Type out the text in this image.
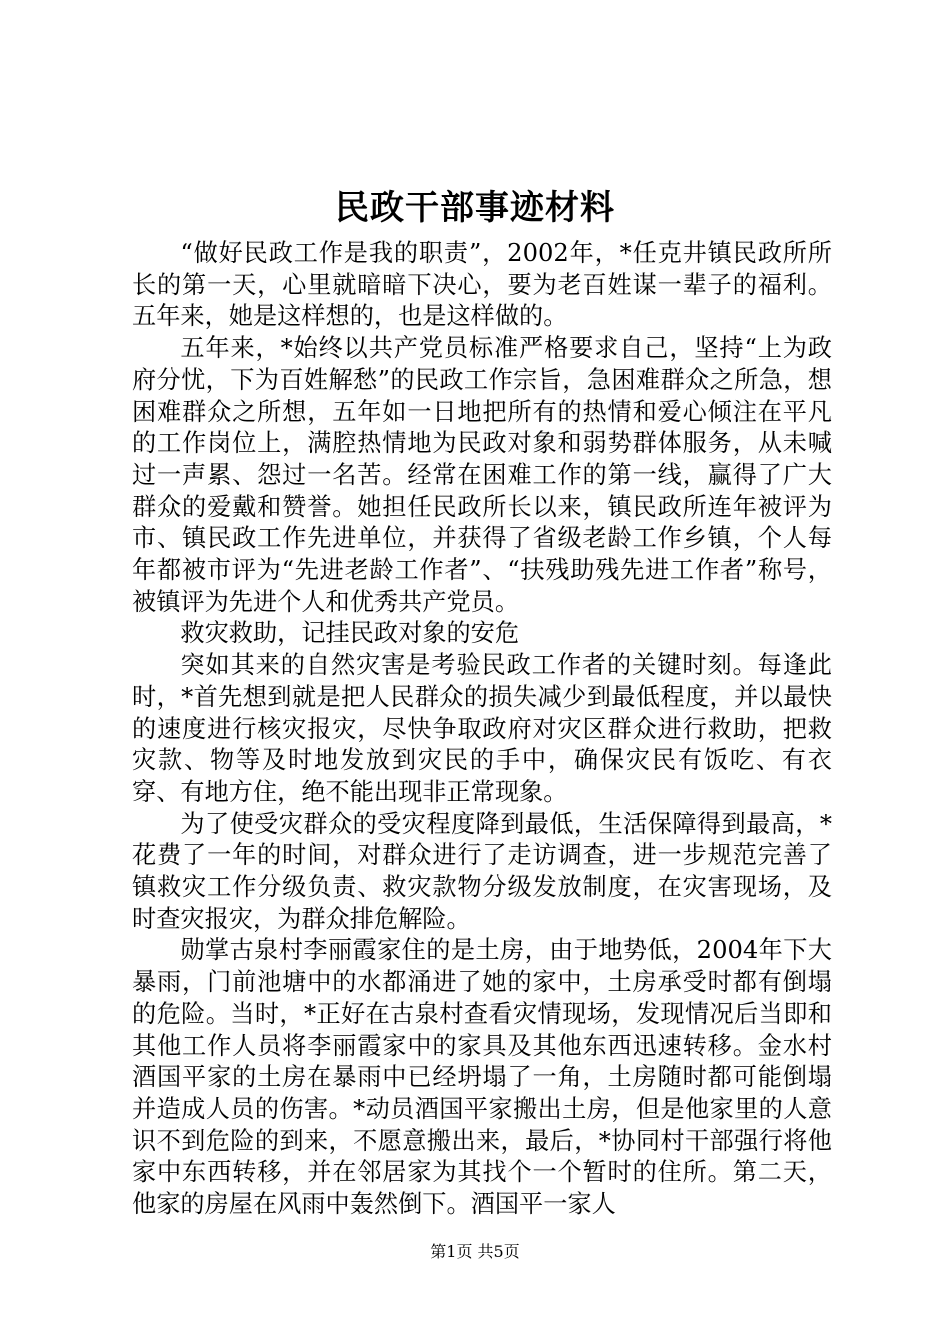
民政干部事迹材料

“做好民政工作是我的职责”，2002年，*任克井镇民政所所长的第一天，心里就暗暗下决心，要为老百姓谋一辈子的福利。五年来，她是这样想的，也是这样做的。

五年来，*始终以共产党员标准严格要求自己，坚持“上为政府分忧，下为百姓解愁”的民政工作宗旨，急困难群众之所急，想困难群众之所想，五年如一日地把所有的热情和爱心倾注在平凡的工作岗位上，满腔热情地为民政对象和弱势群体服务，从未喊过一声累、怨过一名苦。经常在困难工作的第一线，赢得了广大群众的爱戴和赞誉。她担任民政所长以来，镇民政所连年被评为市、镇民政工作先进单位，并获得了省级老龄工作乡镇，个人每年都被市评为“先进老龄工作者”、“扶残助残先进工作者”称号，被镇评为先进个人和优秀共产党员。

救灾救助，记挂民政对象的安危

突如其来的自然灾害是考验民政工作者的关键时刻。每逢此时，*首先想到就是把人民群众的损失减少到最低程度，并以最快的速度进行核灾报灾，尽快争取政府对灾区群众进行救助，把救灾款、物等及时地发放到灾民的手中，确保灾民有饭吃、有衣穿、有地方住，绝不能出现非正常现象。

为了使受灾群众的受灾程度降到最低，生活保障得到最高，*花费了一年的时间，对群众进行了走访调查，进一步规范完善了镇救灾工作分级负责、救灾款物分级发放制度，在灾害现场，及时查灾报灾，为群众排危解险。

勋掌古泉村李丽霞家住的是土房，由于地势低，2004年下大暴雨，门前池塘中的水都涌进了她的家中，土房承受时都有倒塌的危险。当时，*正好在古泉村查看灾情现场，发现情况后当即和其他工作人员将李丽霞家中的家具及其他东西迅速转移。金水村酒国平家的土房在暴雨中已经坍塌了一角，土房随时都可能倒塌并造成人员的伤害。*动员酒国平家搬出土房，但是他家里的人意识不到危险的到来，不愿意搬出来，最后，*协同村干部强行将他家中东西转移，并在邻居家为其找个一个暂时的住所。第二天，他家的房屋在风雨中轰然倒下。酒国平一家人

第1页 共5页
